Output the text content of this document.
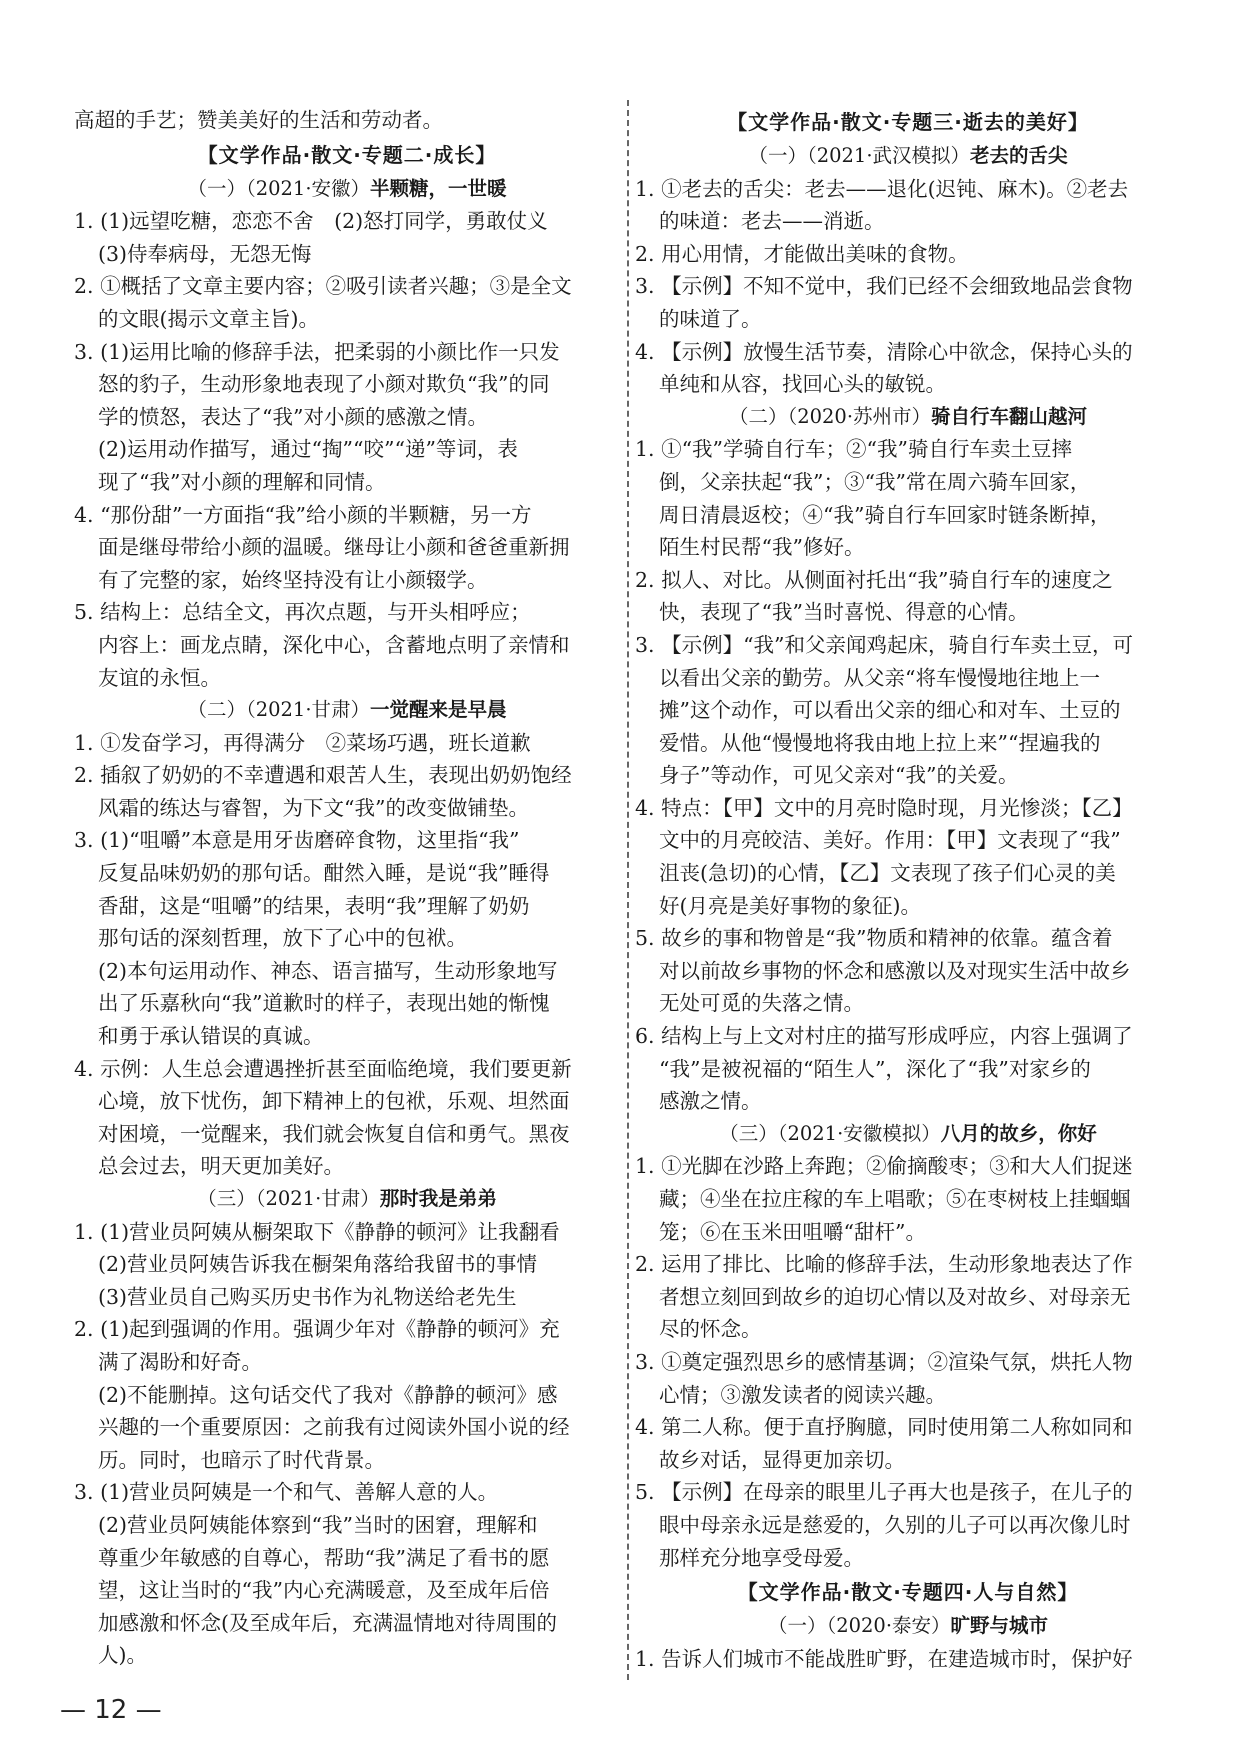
高超的手艺；赞美美好的生活和劳动者。
【文学作品·散文·专题二·成长】
（一）（2021·安徽）半颗糖，一世暖
1. (1)远望吃糖，恋恋不舍　(2)怒打同学，勇敢仗义
(3)侍奉病母，无怨无悔
2. ①概括了文章主要内容；②吸引读者兴趣；③是全文
的文眼(揭示文章主旨)。
3. (1)运用比喻的修辞手法，把柔弱的小颜比作一只发
怒的豹子，生动形象地表现了小颜对欺负“我”的同
学的愤怒，表达了“我”对小颜的感激之情。
(2)运用动作描写，通过“掏”“咬”“递”等词，表
现了“我”对小颜的理解和同情。
4. “那份甜”一方面指“我”给小颜的半颗糖，另一方
面是继母带给小颜的温暖。继母让小颜和爸爸重新拥
有了完整的家，始终坚持没有让小颜辍学。
5. 结构上：总结全文，再次点题，与开头相呼应；
内容上：画龙点睛，深化中心，含蓄地点明了亲情和
友谊的永恒。
（二）（2021·甘肃）一觉醒来是早晨
1. ①发奋学习，再得满分　②菜场巧遇，班长道歉
2. 插叙了奶奶的不幸遭遇和艰苦人生，表现出奶奶饱经
风霜的练达与睿智，为下文“我”的改变做铺垫。
3. (1)“咀嚼”本意是用牙齿磨碎食物，这里指“我”
反复品味奶奶的那句话。酣然入睡，是说“我”睡得
香甜，这是“咀嚼”的结果，表明“我”理解了奶奶
那句话的深刻哲理，放下了心中的包袱。
(2)本句运用动作、神态、语言描写，生动形象地写
出了乐嘉秋向“我”道歉时的样子，表现出她的惭愧
和勇于承认错误的真诚。
4. 示例：人生总会遭遇挫折甚至面临绝境，我们要更新
心境，放下忧伤，卸下精神上的包袱，乐观、坦然面
对困境，一觉醒来，我们就会恢复自信和勇气。黑夜
总会过去，明天更加美好。
（三）（2021·甘肃）那时我是弟弟
1. (1)营业员阿姨从橱架取下《静静的顿河》让我翻看
(2)营业员阿姨告诉我在橱架角落给我留书的事情
(3)营业员自己购买历史书作为礼物送给老先生
2. (1)起到强调的作用。强调少年对《静静的顿河》充
满了渴盼和好奇。
(2)不能删掉。这句话交代了我对《静静的顿河》感
兴趣的一个重要原因：之前我有过阅读外国小说的经
历。同时，也暗示了时代背景。
3. (1)营业员阿姨是一个和气、善解人意的人。
(2)营业员阿姨能体察到“我”当时的困窘，理解和
尊重少年敏感的自尊心，帮助“我”满足了看书的愿
望，这让当时的“我”内心充满暖意，及至成年后倍
加感激和怀念(及至成年后，充满温情地对待周围的
人)。
【文学作品·散文·专题三·逝去的美好】
（一）（2021·武汉模拟）老去的舌尖
1. ①老去的舌尖：老去——退化(迟钝、麻木)。②老去
的味道：老去——消逝。
2. 用心用情，才能做出美味的食物。
3. 【示例】不知不觉中，我们已经不会细致地品尝食物
的味道了。
4. 【示例】放慢生活节奏，清除心中欲念，保持心头的
单纯和从容，找回心头的敏锐。
（二）（2020·苏州市）骑自行车翻山越河
1. ①“我”学骑自行车；②“我”骑自行车卖土豆摔
倒，父亲扶起“我”；③“我”常在周六骑车回家，
周日清晨返校；④“我”骑自行车回家时链条断掉，
陌生村民帮“我”修好。
2. 拟人、对比。从侧面衬托出“我”骑自行车的速度之
快，表现了“我”当时喜悦、得意的心情。
3. 【示例】“我”和父亲闻鸡起床，骑自行车卖土豆，可
以看出父亲的勤劳。从父亲“将车慢慢地往地上一
摊”这个动作，可以看出父亲的细心和对车、土豆的
爱惜。从他“慢慢地将我由地上拉上来”“捏遍我的
身子”等动作，可见父亲对“我”的关爱。
4. 特点：【甲】文中的月亮时隐时现，月光惨淡；【乙】
文中的月亮皎洁、美好。作用：【甲】文表现了“我”
沮丧(急切)的心情，【乙】文表现了孩子们心灵的美
好(月亮是美好事物的象征)。
5. 故乡的事和物曾是“我”物质和精神的依靠。蕴含着
对以前故乡事物的怀念和感激以及对现实生活中故乡
无处可觅的失落之情。
6. 结构上与上文对村庄的描写形成呼应，内容上强调了
“我”是被祝福的“陌生人”，深化了“我”对家乡的
感激之情。
（三）（2021·安徽模拟）八月的故乡，你好
1. ①光脚在沙路上奔跑；②偷摘酸枣；③和大人们捉迷
藏；④坐在拉庄稼的车上唱歌；⑤在枣树枝上挂蝈蝈
笼；⑥在玉米田咀嚼“甜杆”。
2. 运用了排比、比喻的修辞手法，生动形象地表达了作
者想立刻回到故乡的迫切心情以及对故乡、对母亲无
尽的怀念。
3. ①奠定强烈思乡的感情基调；②渲染气氛，烘托人物
心情；③激发读者的阅读兴趣。
4. 第二人称。便于直抒胸臆，同时使用第二人称如同和
故乡对话，显得更加亲切。
5. 【示例】在母亲的眼里儿子再大也是孩子，在儿子的
眼中母亲永远是慈爱的，久别的儿子可以再次像儿时
那样充分地享受母爱。
【文学作品·散文·专题四·人与自然】
（一）（2020·泰安）旷野与城市
1. 告诉人们城市不能战胜旷野，在建造城市时，保护好
— 12 —
